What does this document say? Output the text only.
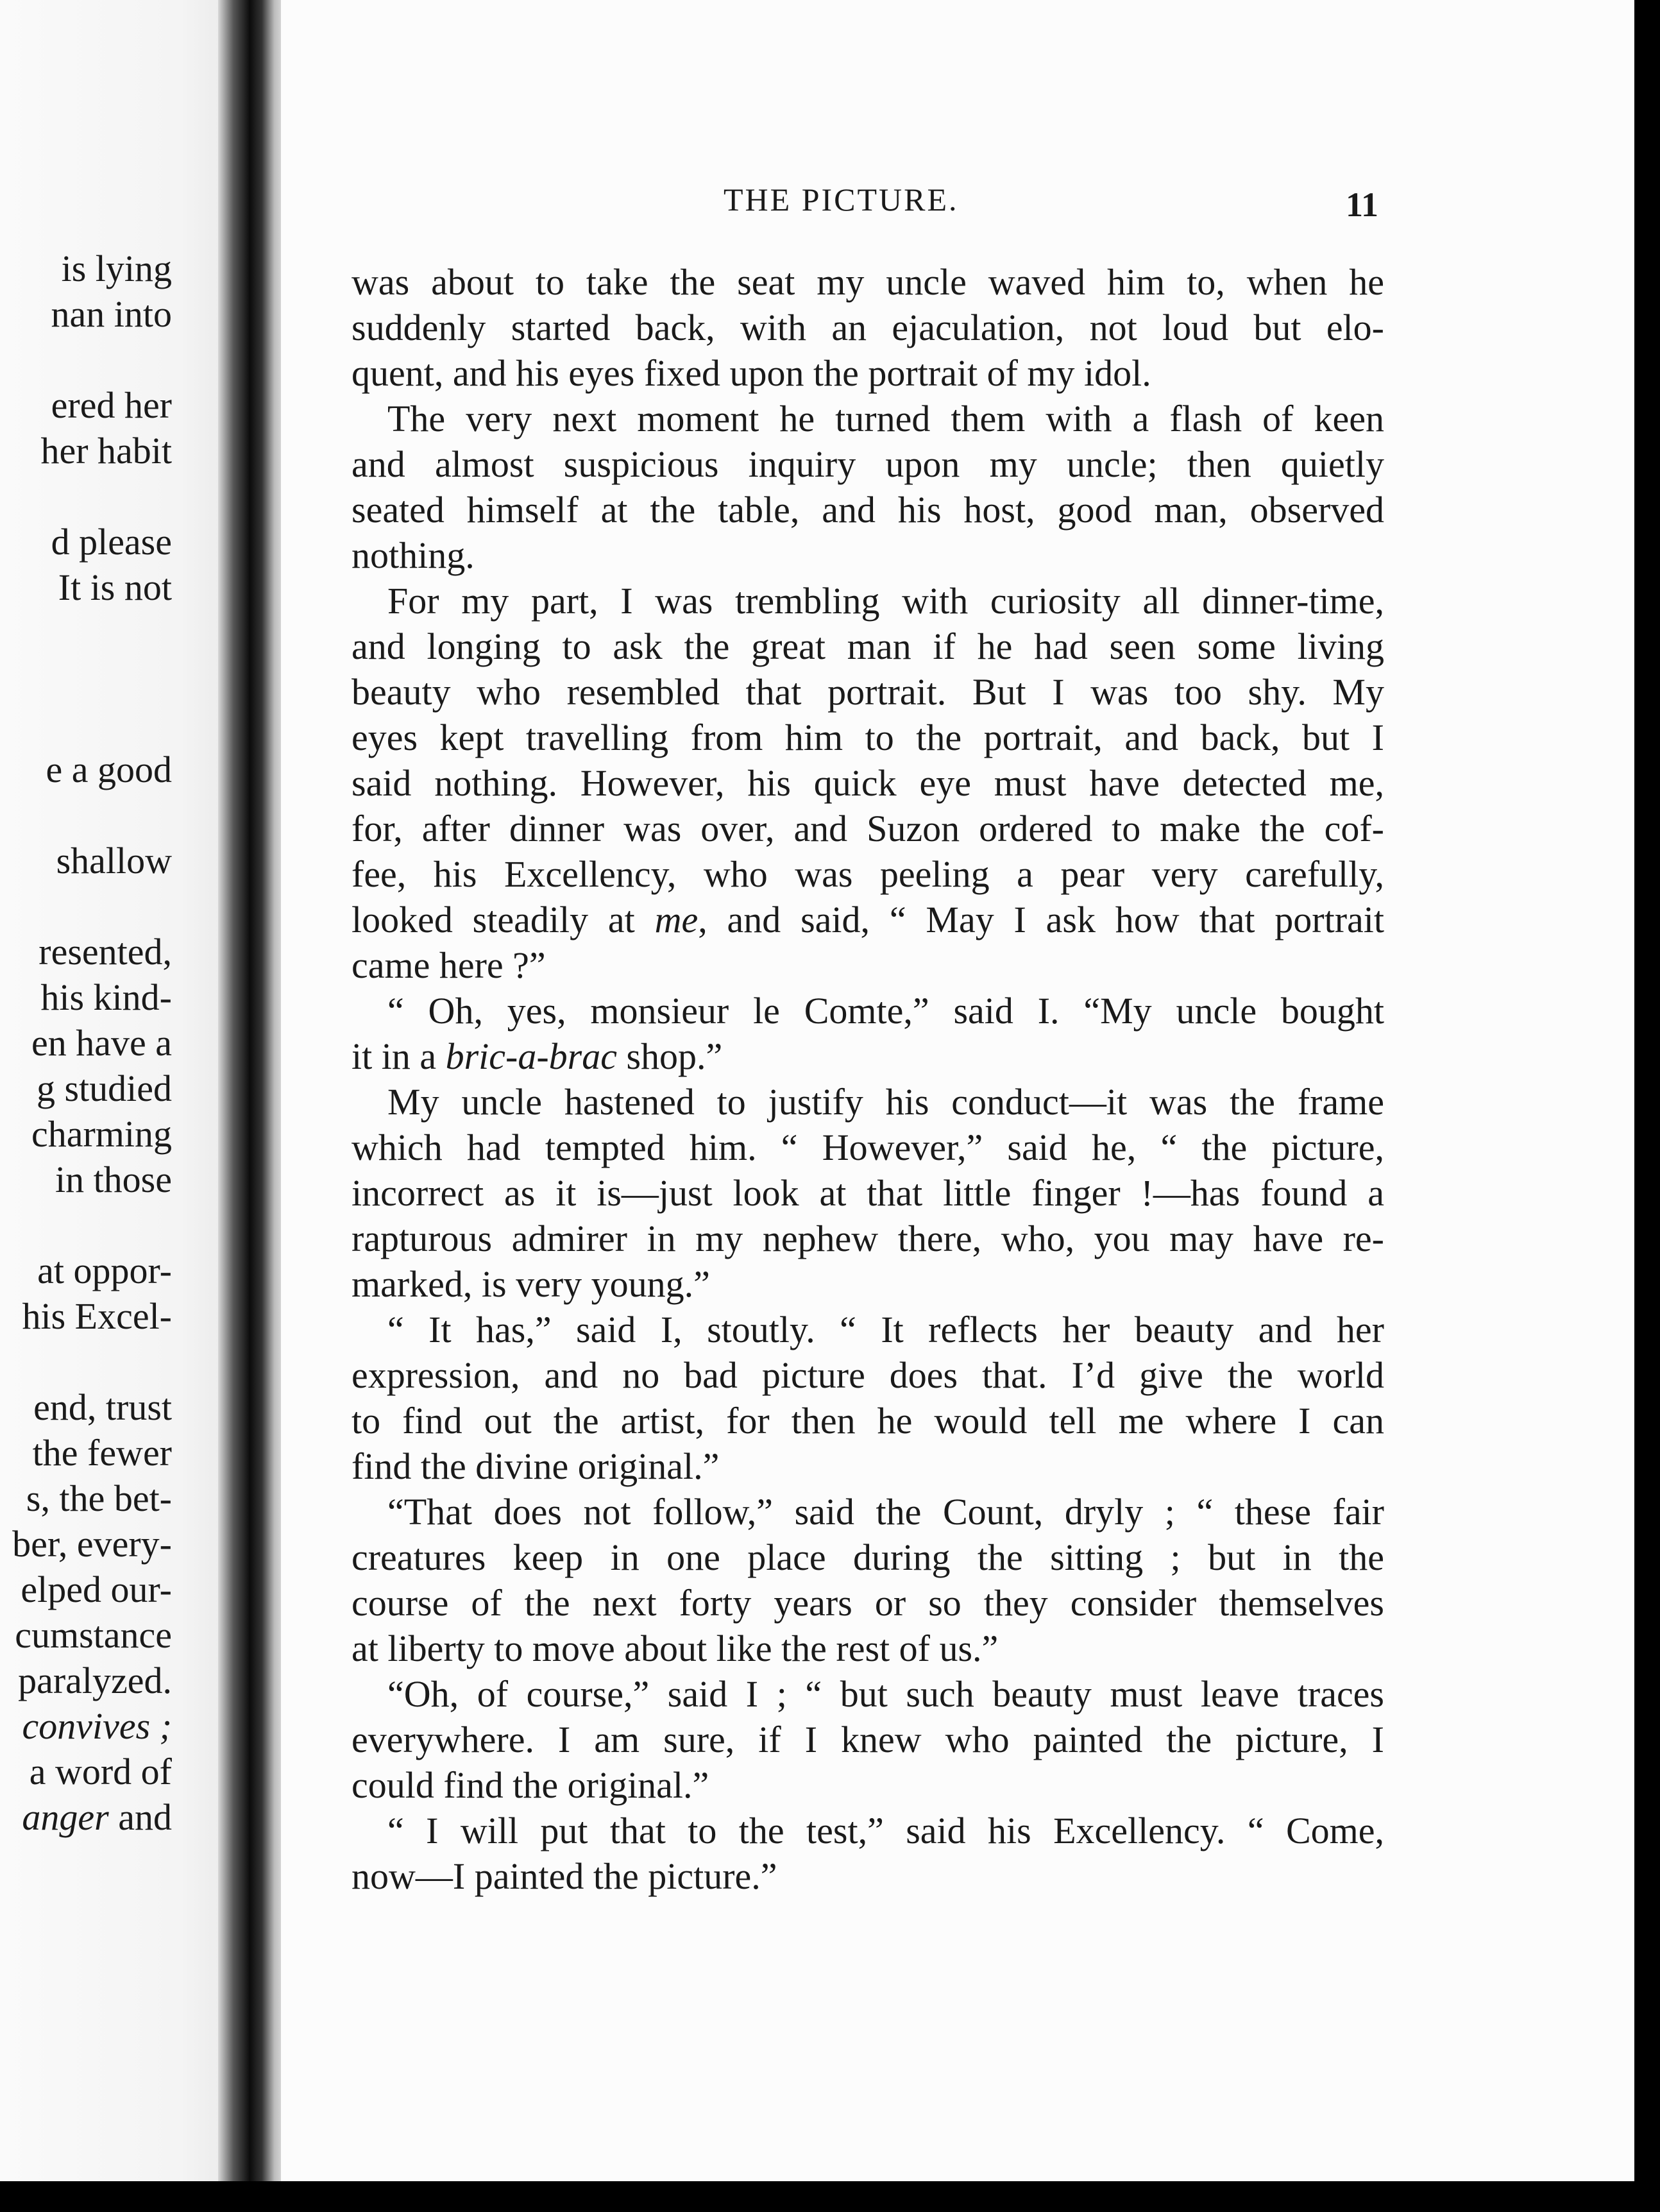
is lying
nan into
ered her
her habit
d please
It is not
e a good
shallow
resented,
his kind-
en have a
g studied
charming
in those
at oppor-
his Excel-
end, trust
the fewer
s, the bet-
ber, every-
elped our-
cumstance
paralyzed.
convives ;
a word of
anger and
THE PICTURE.	11
was about to take the seat my uncle waved him to, when he
suddenly started back, with an ejaculation, not loud but elo-
quent, and his eyes fixed upon the portrait of my idol.
The very next moment he turned them with a flash of keen
and almost suspicious inquiry upon my uncle; then quietly
seated himself at the table, and his host, good man, observed
nothing.
For my part, I was trembling with curiosity all dinner-time,
and longing to ask the great man if he had seen some living
beauty who resembled that portrait. But I was too shy. My
eyes kept travelling from him to the portrait, and back, but I
said nothing. However, his quick eye must have detected me,
for, after dinner was over, and Suzon ordered to make the cof-
fee, his Excellency, who was peeling a pear very carefully,
looked steadily at me, and said, “ May I ask how that portrait
came here ?”
“ Oh, yes, monsieur le Comte,” said I. “My uncle bought
it in a bric-a-brac shop.”
My uncle hastened to justify his conduct—it was the frame
which had tempted him. “ However,” said he, “ the picture,
incorrect as it is—just look at that little finger !—has found a
rapturous admirer in my nephew there, who, you may have re-
marked, is very young.”
“ It has,” said I, stoutly. “ It reflects her beauty and her
expression, and no bad picture does that. I’d give the world
to find out the artist, for then he would tell me where I can
find the divine original.”
“That does not follow,” said the Count, dryly ; “ these fair
creatures keep in one place during the sitting ; but in the
course of the next forty years or so they consider themselves
at liberty to move about like the rest of us.”
“Oh, of course,” said I ; “ but such beauty must leave traces
everywhere. I am sure, if I knew who painted the picture, I
could find the original.”
“ I will put that to the test,” said his Excellency. “ Come,
now—I painted the picture.”
